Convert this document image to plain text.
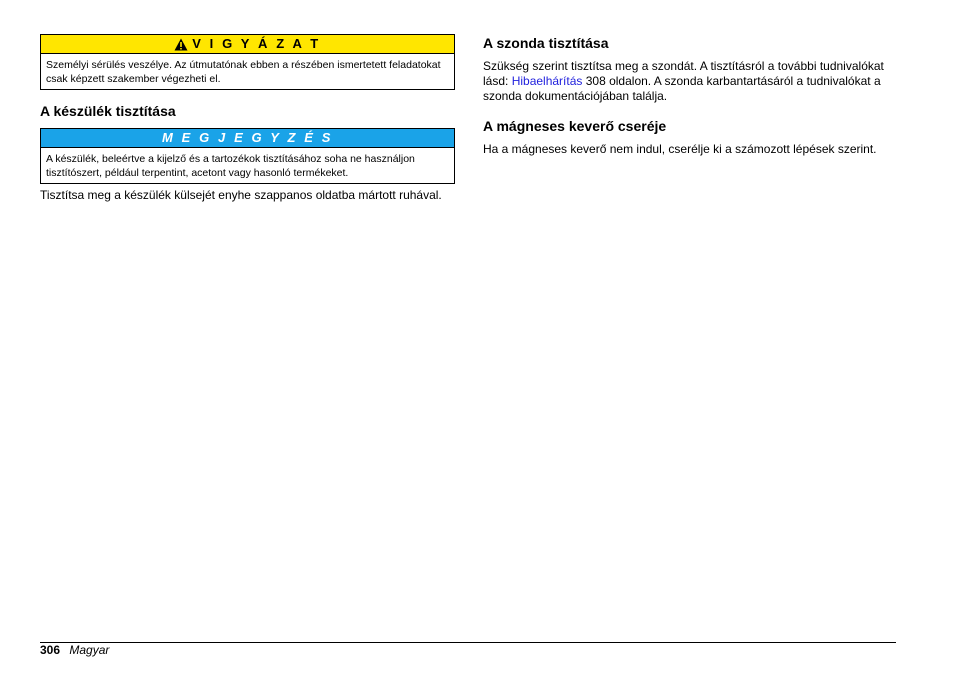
V I G Y Á Z A T
Személyi sérülés veszélye. Az útmutatónak ebben a részében ismertetett feladatokat csak képzett szakember végezheti el.
A készülék tisztítása
M E G J E G Y Z É S
A készülék, beleértve a kijelző és a tartozékok tisztításához soha ne használjon tisztítószert, például terpentint, acetont vagy hasonló termékeket.

Tisztítsa meg a készülék külsejét enyhe szappanos oldatba mártott ruhával.

A szonda tisztítása

Szükség szerint tisztítsa meg a szondát. A tisztításról a további tudnivalókat lásd: Hibaelhárítás 308 oldalon. A szonda karbantartásáról a tudnivalókat a szonda dokumentációjában találja.

A mágneses keverő cseréje

Ha a mágneses keverő nem indul, cserélje ki a számozott lépések szerint.

306 Magyar
